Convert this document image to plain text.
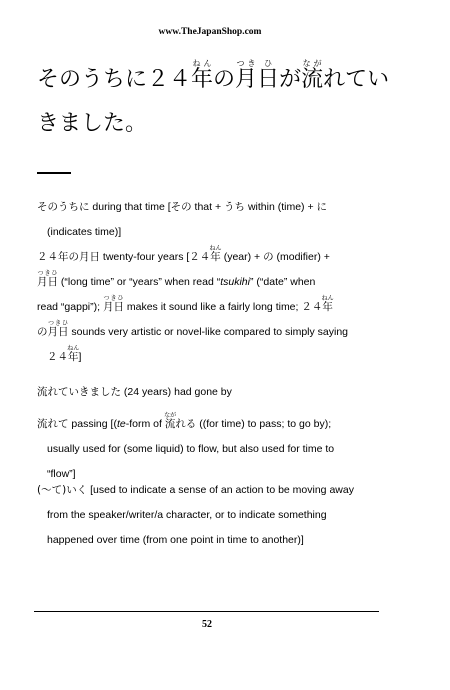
www.TheJapanShop.com
そのうちに２４年ねんの月つき日ひが流ながれてい
きました。
そのうちに during that time [その that + うち within (time) + に
(indicates time)]
２４年の月日 twenty-four years [２４年ねん (year) + の (modifier) +
月日つきひ (“long time” or “years” when read “tsukihi” (“date” when
read “gappi”); 月日つきひ makes it sound like a fairly long time; ２４年ねん
の月日つきひ sounds very artistic or novel-like compared to simply saying

２４年ねん]
流れていきました (24 years) had gone by
流れて passing [(te-form of 流ながれる ((for time) to pass; to go by);
usually used for (some liquid) to flow, but also used for time to
“flow”]
(〜て)いく [used to indicate a sense of an action to be moving away
from the speaker/writer/a character, or to indicate something
happened over time (from one point in time to another)]
52
